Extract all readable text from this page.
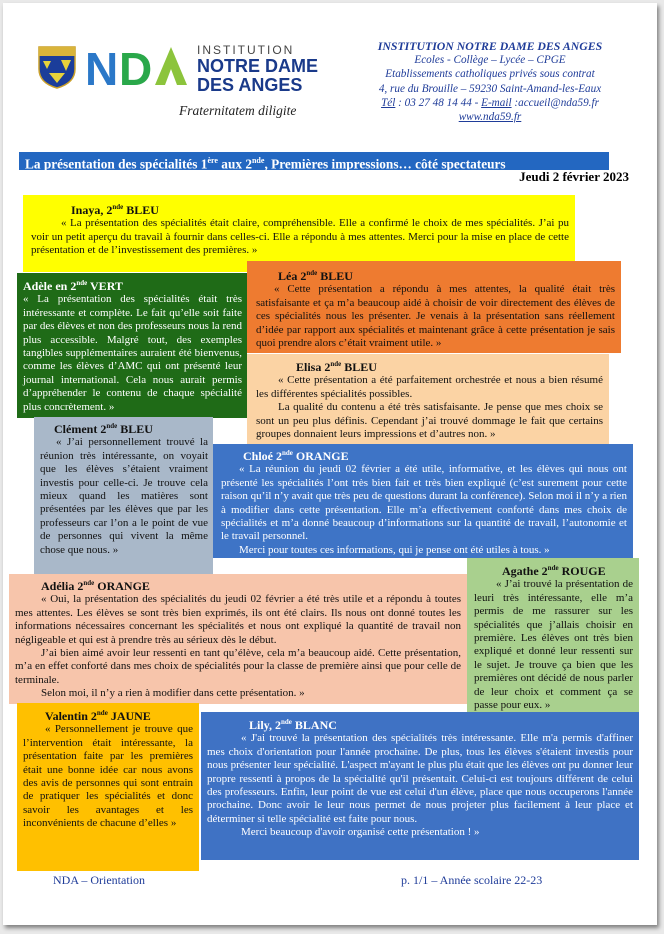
N D	INSTITUTION
NOTRE DAME
DES ANGES
Fraternitatem diligite
INSTITUTION NOTRE DAME DES ANGES
Ecoles - Collège – Lycée – CPGE
Etablissements catholiques privés sous contrat
4, rue du Brouille – 59230 Saint-Amand-les-Eaux
Tél : 03 27 48 14 44 - E-mail :accueil@nda59.fr
www.nda59.fr
La présentation des spécialités 1ère aux 2nde, Premières impressions… côté spectateurs
Jeudi 2 février 2023
Inaya, 2nde BLEU

« La présentation des spécialités était claire, compréhensible. Elle a confirmé le choix de mes spécialités. J’ai pu voir un petit aperçu du travail à fournir dans celles-ci. Elle a répondu à mes attentes. Merci pour la mise en place de cette présentation et de l’investissement des premières. »

Adèle en 2nde VERT

« La présentation des spécialités était très intéressante et complète. Le fait qu’elle soit faite par des élèves et non des professeurs nous la rend plus accessible. Malgré tout, des exemples tangibles supplémentaires auraient été bienvenus, comme les élèves d’AMC qui ont présenté leur journal international. Cela nous aurait permis d’appréhender le contenu de chaque spécialité plus concrètement. »

Léa 2nde BLEU

« Cette présentation a répondu à mes attentes, la qualité était très satisfaisante et ça m’a beaucoup aidé à choisir de voir directement des élèves de ces spécialités nous les présenter. Je venais à la présentation sans réellement d’idée par rapport aux spécialités et maintenant grâce à cette présentation je sais quoi prendre alors c’était vraiment utile. »

Elisa 2nde BLEU

« Cette présentation a été parfaitement orchestrée et nous a bien résumé les différentes spécialités possibles.

La qualité du contenu a été très satisfaisante. Je pense que mes choix se sont un peu plus définis. Cependant j’ai trouvé dommage le fait que certains groupes donnaient leurs impressions et d’autres non. »

Clément 2nde BLEU

« J’ai personnellement trouvé la réunion très intéressante, on voyait que les élèves s’étaient vraiment investis pour celle-ci. Je trouve cela mieux quand les matières sont présentées par les élèves que par les professeurs car l’on a le point de vue de personnes qui vivent la même chose que nous. »

Chloé 2nde ORANGE

« La réunion du jeudi 02 février a été utile, informative, et les élèves qui nous ont présenté les spécialités l’ont très bien fait et très bien expliqué (c’est surement pour cette raison qu’il n’y avait que très peu de questions durant la conférence). Selon moi il n’y a rien à modifier dans cette présentation. Elle m’a effectivement conforté dans mes choix de spécialités et m’a donné beaucoup d’informations sur la quantité de travail, l’autonomie et le travail personnel.

Merci pour toutes ces informations, qui je pense ont été utiles à tous. »

Adélia 2nde ORANGE

« Oui, la présentation des spécialités du jeudi 02 février a été très utile et a répondu à toutes mes attentes. Les élèves se sont très bien exprimés, ils ont été clairs. Ils nous ont donné toutes les informations nécessaires concernant les spécialités et nous ont expliqué la quantité de travail non négligeable et qui est à prendre très au sérieux dès le début.

J’ai bien aimé avoir leur ressenti en tant qu’élève, cela m’a beaucoup aidé. Cette présentation, m’a en effet conforté dans mes choix de spécialités pour la classe de première ainsi que pour celle de terminale.

Selon moi, il n’y a rien à modifier dans cette présentation. »

Agathe 2nde ROUGE

« J’ai trouvé la présentation de leuri très intéressante, elle m’a permis de me rassurer sur les spécialités que j’allais choisir en première. Les élèves ont très bien expliqué et donné leur ressenti sur le sujet. Je trouve ça bien que les premières ont décidé de nous parler de leur choix et comment ça se passe pour eux. »

Valentin 2nde JAUNE

« Personnellement je trouve que l’intervention était intéressante, la présentation faite par les premières était une bonne idée car nous avons des avis de personnes qui sont entrain de pratiquer les spécialités et donc savoir les avantages et les inconvénients de chacune d’elles »

Lily, 2nde BLANC

« J'ai trouvé la présentation des spécialités très intéressante. Elle m'a permis d'affiner mes choix d'orientation pour l'année prochaine. De plus, tous les élèves s'étaient investis pour nous présenter leur spécialité. L'aspect m'ayant le plus plu était que les élèves ont pu donner leur propre ressenti à propos de la spécialité qu'il présentait. Celui-ci est toujours différent de celui des professeurs. Enfin, leur point de vue est celui d'un élève, place que nous occuperons l'année prochaine. Donc avoir le leur nous permet de nous projeter plus facilement à leur place et déterminer si telle spécialité est faite pour nous.

Merci beaucoup d'avoir organisé cette présentation ! »

NDA – Orientation	p. 1/1 – Année scolaire 22-23
